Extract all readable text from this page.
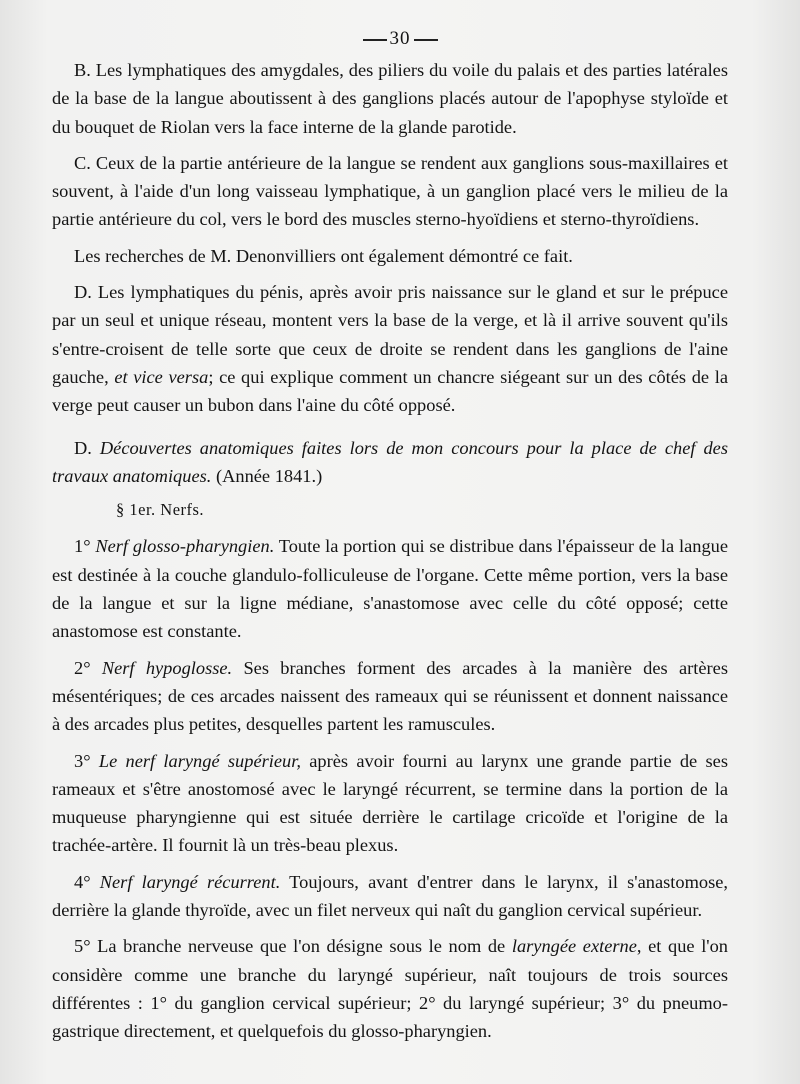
30

B. Les lymphatiques des amygdales, des piliers du voile du palais et des parties latérales de la base de la langue aboutissent à des ganglions placés autour de l'apophyse styloïde et du bouquet de Riolan vers la face interne de la glande parotide.

C. Ceux de la partie antérieure de la langue se rendent aux ganglions sous-maxillaires et souvent, à l'aide d'un long vaisseau lymphatique, à un ganglion placé vers le milieu de la partie antérieure du col, vers le bord des muscles sterno-hyoïdiens et sterno-thyroïdiens.

Les recherches de M. Denonvilliers ont également démontré ce fait.

D. Les lymphatiques du pénis, après avoir pris naissance sur le gland et sur le prépuce par un seul et unique réseau, montent vers la base de la verge, et là il arrive souvent qu'ils s'entre-croisent de telle sorte que ceux de droite se rendent dans les ganglions de l'aine gauche, et vice versa; ce qui explique comment un chancre siégeant sur un des côtés de la verge peut causer un bubon dans l'aine du côté opposé.

D. Découvertes anatomiques faites lors de mon concours pour la place de chef des travaux anatomiques. (Année 1841.)

§ 1er. Nerfs.

1° Nerf glosso-pharyngien. Toute la portion qui se distribue dans l'épaisseur de la langue est destinée à la couche glandulo-folliculeuse de l'organe. Cette même portion, vers la base de la langue et sur la ligne médiane, s'anastomose avec celle du côté opposé; cette anastomose est constante.

2° Nerf hypoglosse. Ses branches forment des arcades à la manière des artères mésentériques; de ces arcades naissent des rameaux qui se réunissent et donnent naissance à des arcades plus petites, desquelles partent les ramuscules.

3° Le nerf laryngé supérieur, après avoir fourni au larynx une grande partie de ses rameaux et s'être anostomosé avec le laryngé récurrent, se termine dans la portion de la muqueuse pharyngienne qui est située derrière le cartilage cricoïde et l'origine de la trachée-artère. Il fournit là un très-beau plexus.

4° Nerf laryngé récurrent. Toujours, avant d'entrer dans le larynx, il s'anastomose, derrière la glande thyroïde, avec un filet nerveux qui naît du ganglion cervical supérieur.

5° La branche nerveuse que l'on désigne sous le nom de laryngée externe, et que l'on considère comme une branche du laryngé supérieur, naît toujours de trois sources différentes : 1° du ganglion cervical supérieur; 2° du laryngé supérieur; 3° du pneumo-gastrique directement, et quelquefois du glosso-pharyngien.
